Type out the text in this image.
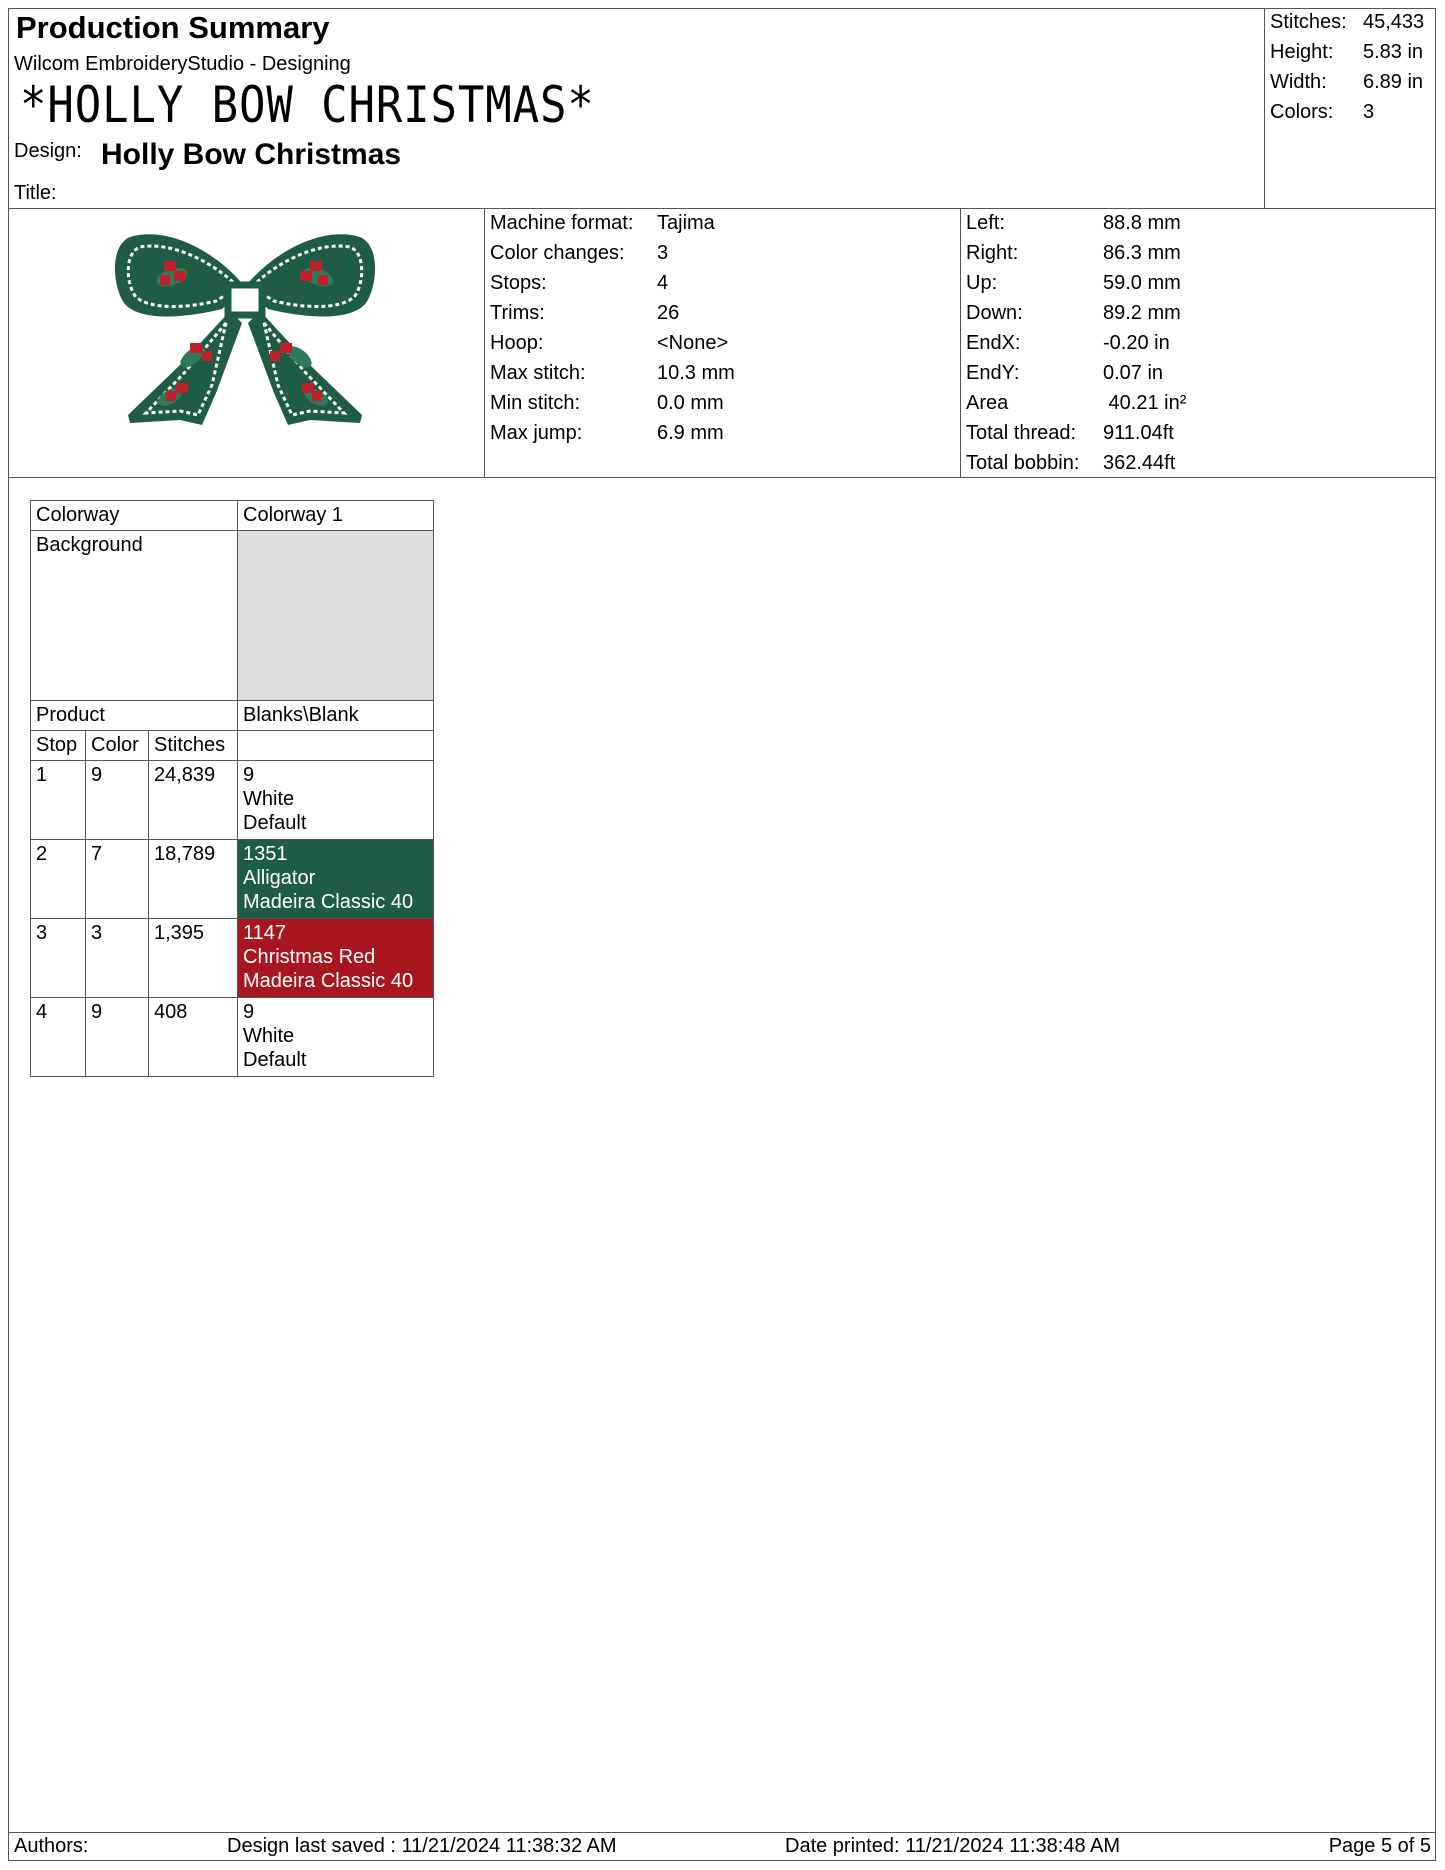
Production Summary
Wilcom EmbroideryStudio - Designing
*HOLLY BOW CHRISTMAS*
Design: Holly Bow Christmas
Title:
Stitches: 45,433
Height:	5.83 in
Width:	6.89 in
Colors:	3
Machine format:	Tajima
Color changes:	3
Stops:	4
Trims:	26
Hoop:	<None>
Max stitch:	10.3 mm
Min stitch:	0.0 mm
Max jump:	6.9 mm
Left:	88.8 mm
Right:	86.3 mm
Up:	59.0 mm
Down:	89.2 mm
EndX:	-0.20 in
EndY:	0.07 in
Area	40.21 in²
Total thread:	911.04ft
Total bobbin:	362.44ft
Colorway			Colorway 1
Background			
Product			Blanks\Blank
Stop	Color	Stitches	
1	9	24,839	9
White
Default

2	7	18,789	1351
Alligator
Madeira Classic 40

3	3	1,395	1147
Christmas Red
Madeira Classic 40

4	9	408	9
White
Default
Authors:	Design last saved : 11/21/2024 11:38:32 AM	Date printed: 11/21/2024 11:38:48 AM	Page 5 of 5
